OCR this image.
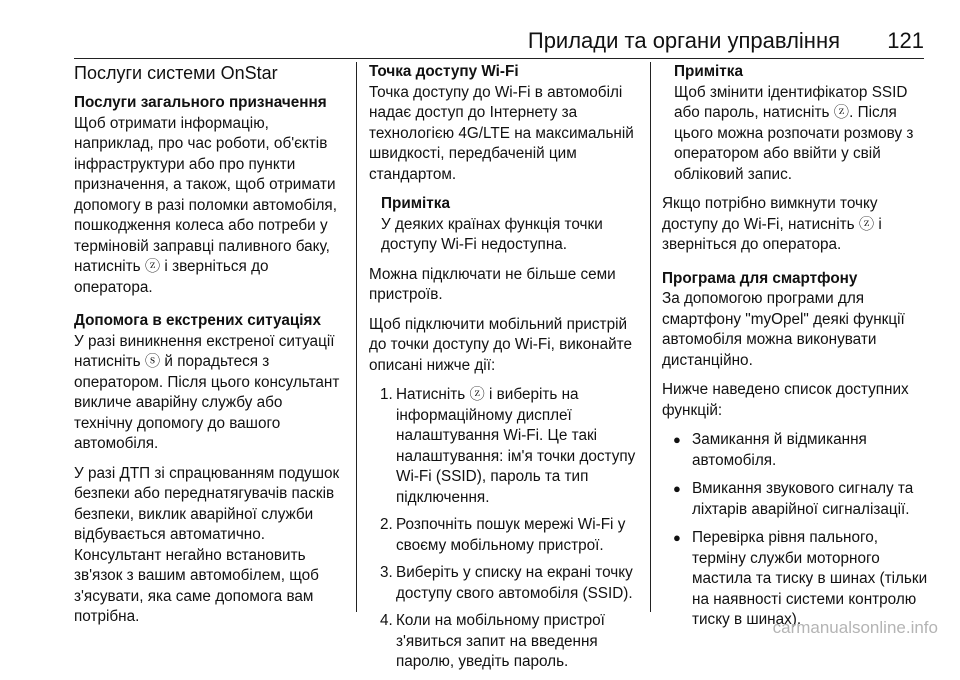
Прилади та органи управління 121
Послуги системи OnStar

Послуги загального призначення

Щоб отримати інформацію, наприклад, про час роботи, об'єктів інфраструктури або про пункти призначення, а також, щоб отримати допомогу в разі поломки автомобіля, пошкодження колеса або потреби у терміновій заправці паливного баку, натисніть ⓩ і зверніться до оператора.

Допомога в екстрених ситуаціях

У разі виникнення екстреної ситуації натисніть ⓢ й порадьтеся з оператором. Після цього консультант викличе аварійну службу або технічну допомогу до вашого автомобіля.

У разі ДТП зі спрацюванням подушок безпеки або переднатягувачів пасків безпеки, виклик аварійної служби відбувається автоматично. Консультант негайно встановить зв'язок з вашим автомобілем, щоб з'ясувати, яка саме допомога вам потрібна.

Точка доступу Wi-Fi

Точка доступу до Wi-Fi в автомобілі надає доступ до Інтернету за технологією 4G/LTE на максимальній швидкості, передбаченій цим стандартом.

Примітка
У деяких країнах функція точки доступу Wi-Fi недоступна.

Можна підключати не більше семи пристроїв.

Щоб підключити мобільний пристрій до точки доступу до Wi-Fi, виконайте описані нижче дії:

1. Натисніть ⓩ і виберіть на інформаційному дисплеї налаштування Wi-Fi. Це такі налаштування: ім'я точки доступу Wi-Fi (SSID), пароль та тип підключення.
2. Розпочніть пошук мережі Wi-Fi у своєму мобільному пристрої.
3. Виберіть у списку на екрані точку доступу свого автомобіля (SSID).
4. Коли на мобільному пристрої з'явиться запит на введення паролю, уведіть пароль.
Примітка
Щоб змінити ідентифікатор SSID або пароль, натисніть ⓩ. Після цього можна розпочати розмову з оператором або ввійти у свій обліковий запис.

Якщо потрібно вимкнути точку доступу до Wi-Fi, натисніть ⓩ і зверніться до оператора.

Програма для смартфону

За допомогою програми для смартфону "myOpel" деякі функції автомобіля можна виконувати дистанційно.

Нижче наведено список доступних функцій:

● Замикання й відмикання автомобіля.
● Вмикання звукового сигналу та ліхтарів аварійної сигналізації.
● Перевірка рівня пального, терміну служби моторного мастила та тиску в шинах (тільки на наявності системи контролю тиску в шинах).
carmanualsonline.info
